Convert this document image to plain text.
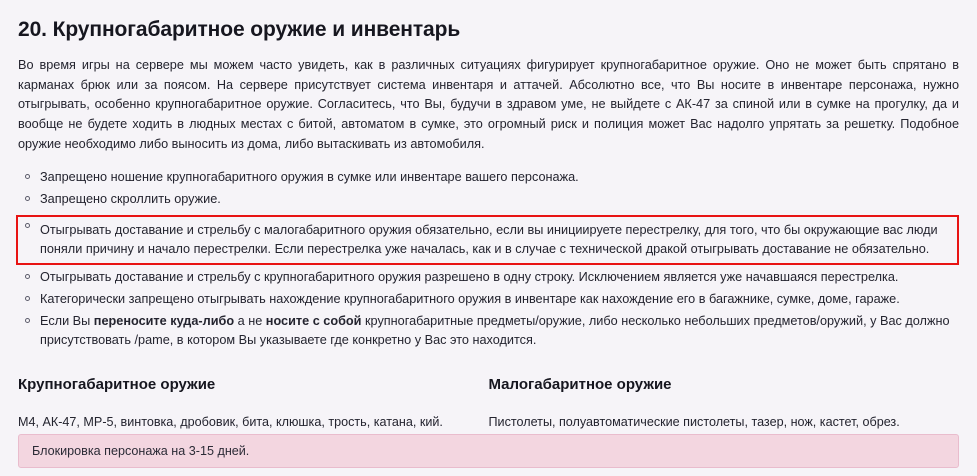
20. Крупногабаритное оружие и инвентарь

Во время игры на сервере мы можем часто увидеть, как в различных ситуациях фигурирует крупногабаритное оружие. Оно не может быть спрятано в карманах брюк или за поясом. На сервере присутствует система инвентаря и аттачей. Абсолютно все, что Вы носите в инвентаре персонажа, нужно отыгрывать, особенно крупногабаритное оружие. Согласитесь, что Вы, будучи в здравом уме, не выйдете с АК-47 за спиной или в сумке на прогулку, да и вообще не будете ходить в людных местах с битой, автоматом в сумке, это огромный риск и полиция может Вас надолго упрятать за решетку. Подобное оружие необходимо либо выносить из дома, либо вытаскивать из автомобиля.

Запрещено ношение крупногабаритного оружия в сумке или инвентаре вашего персонажа.
Запрещено скроллить оружие.
Отыгрывать доставание и стрельбу с малогабаритного оружия обязательно, если вы инициируете перестрелку, для того, что бы окружающие вас люди поняли причину и начало перестрелки. Если перестрелка уже началась, как и в случае с технической дракой отыгрывать доставание не обязательно.
Отыгрывать доставание и стрельбу с крупногабаритного оружия разрешено в одну строку. Исключением является уже начавшаяся перестрелка.
Категорически запрещено отыгрывать нахождение крупногабаритного оружия в инвентаре как нахождение его в багажнике, сумке, доме, гараже.
Если Вы переносите куда-либо а не носите с собой крупногабаритные предметы/оружие, либо несколько небольших предметов/оружий, у Вас должно присутствовать /pame, в котором Вы указываете где конкретно у Вас это находится.
Крупногабаритное оружие

M4, АК-47, MP-5, винтовка, дробовик, бита, клюшка, трость, катана, кий.

Малогабаритное оружие

Пистолеты, полуавтоматические пистолеты, тазер, нож, кастет, обрез.

Блокировка персонажа на 3-15 дней.
